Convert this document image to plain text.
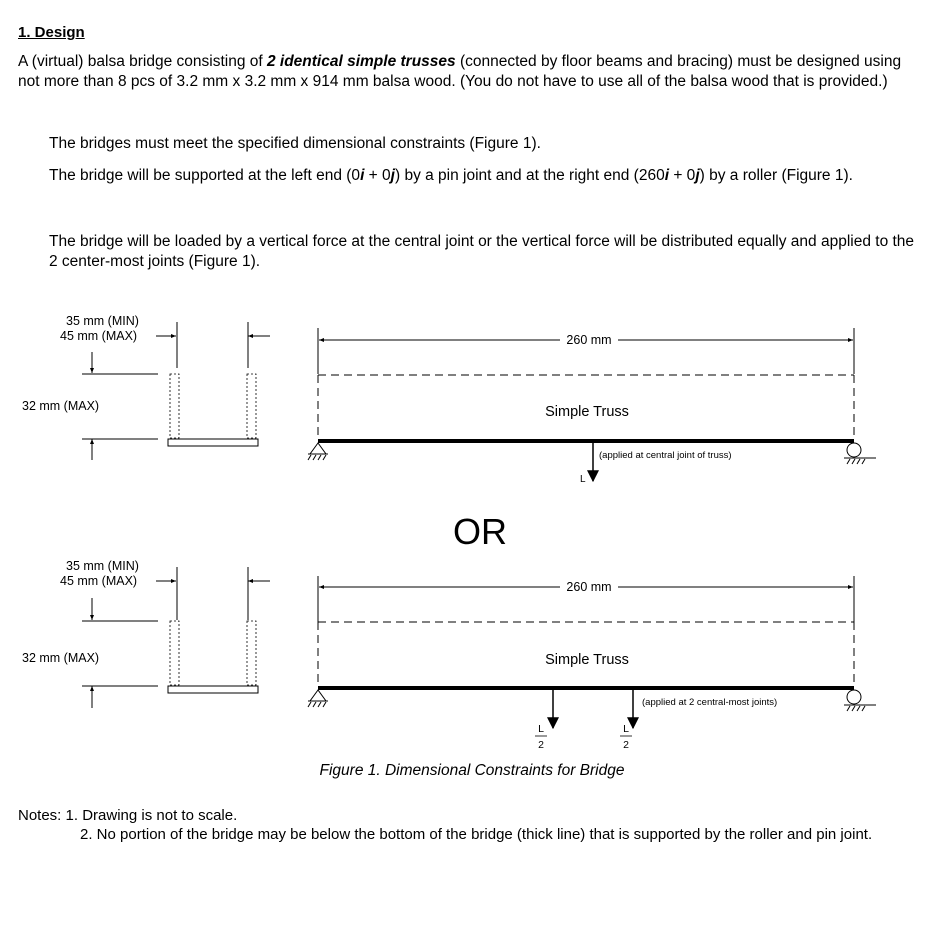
1. Design

A (virtual) balsa bridge consisting of 2 identical simple trusses (connected by floor beams and bracing) must be designed using not more than 8 pcs of 3.2 mm x 3.2 mm x 914 mm balsa wood. (You do not have to use all of the balsa wood that is provided.)

The bridges must meet the specified dimensional constraints (Figure 1).

The bridge will be supported at the left end (0i + 0j) by a pin joint and at the right end (260i + 0j) by a roller (Figure 1).

The bridge will be loaded by a vertical force at the central joint or the vertical force will be distributed equally and applied to the 2 center-most joints (Figure 1).

35 mm (MIN)
45 mm (MAX)
32 mm (MAX)
260 mm
Simple Truss
(applied at central joint of truss)
L
OR
35 mm (MIN)
45 mm (MAX)
32 mm (MAX)
260 mm
Simple Truss
(applied at 2 central-most joints)
L
2
L
2
Figure 1. Dimensional Constraints for Bridge
Notes: 1. Drawing is not to scale.
2. No portion of the bridge may be below the bottom of the bridge (thick line) that is supported by the roller and pin joint.
